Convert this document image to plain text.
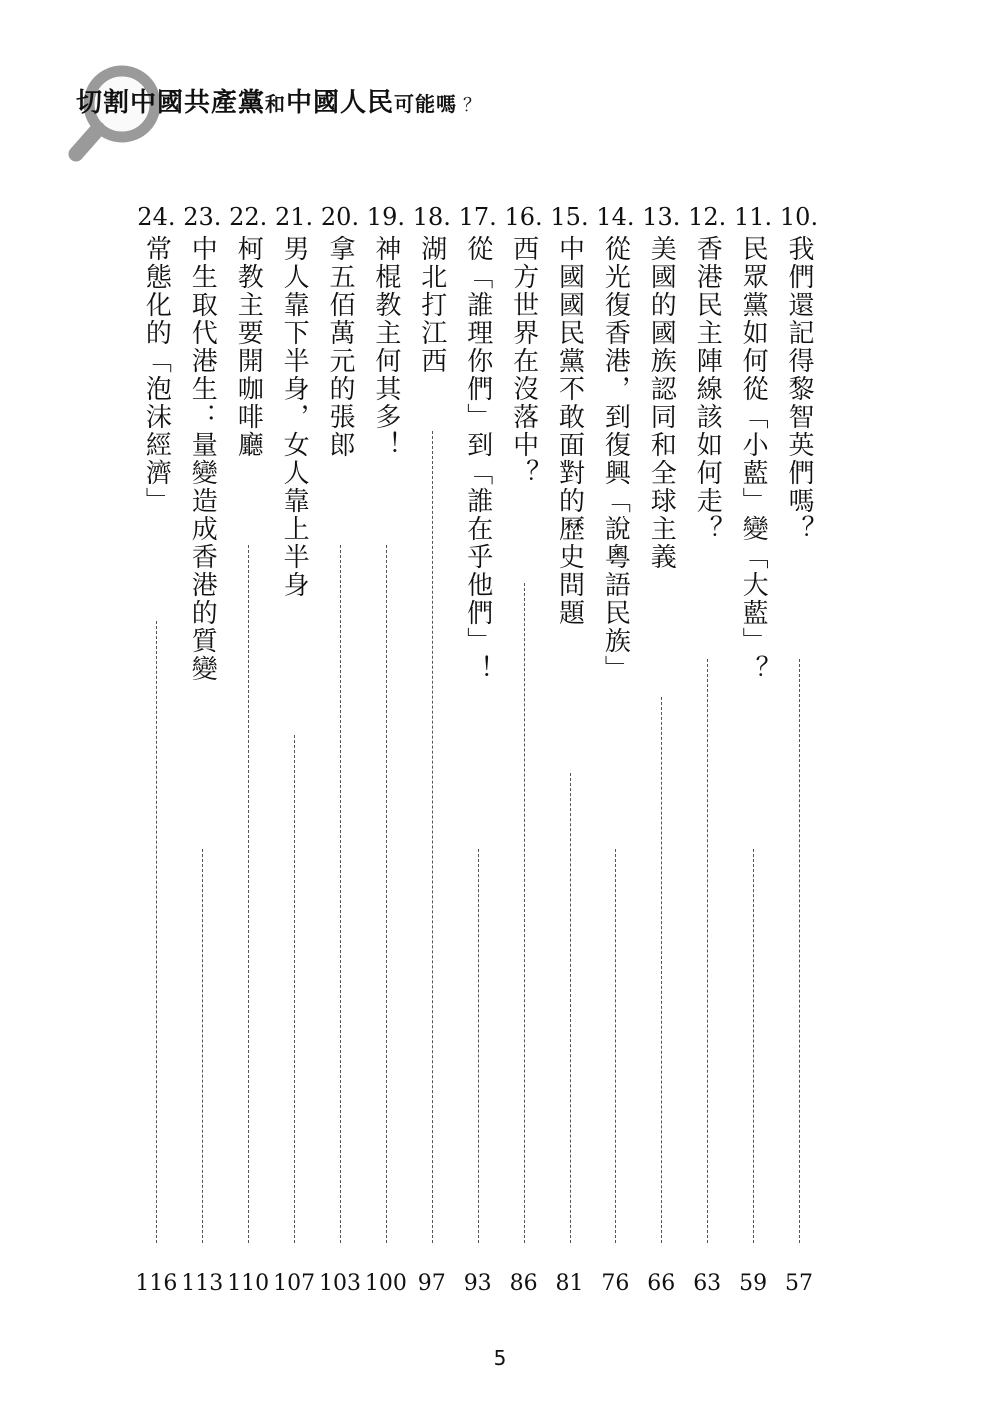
切割中國共產黨和中國人民可能嗎 ？
10.
我們還記得黎智英們嗎？
57
11.
民眾黨如何從「小藍」變「大藍」？
59
12.
香港民主陣線該如何走？
63
13.
美國的國族認同和全球主義
66
14.
從光復香港，到復興「說粵語民族」
76
15.
中國國民黨不敢面對的歷史問題
81
16.
西方世界在沒落中？
86
17.
從「誰理你們」到「誰在乎他們」！
93
18.
湖北打江西
97
19.
神棍教主何其多！
100
20.
拿五佰萬元的張郎
103
21.
男人靠下半身，女人靠上半身
107
22.
柯教主要開咖啡廳
110
23.
中生取代港生：量變造成香港的質變
113
24.
常態化的「泡沫經濟」
116
5
